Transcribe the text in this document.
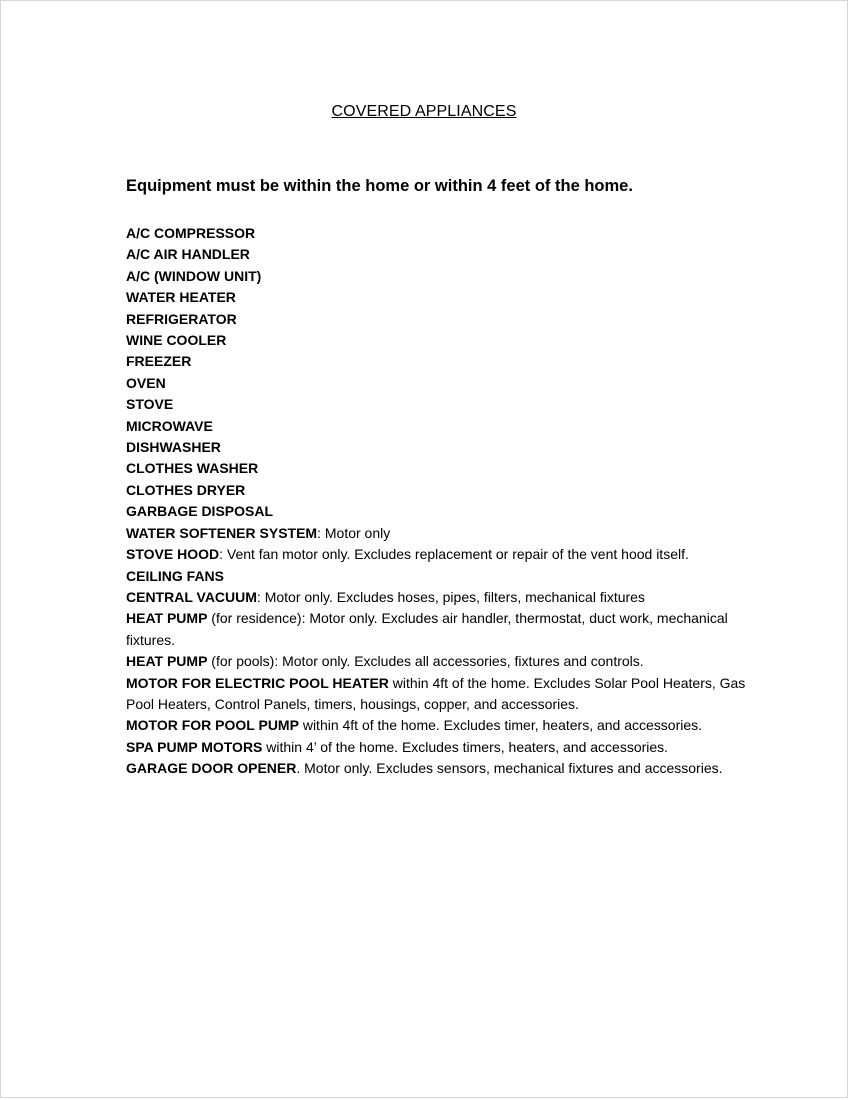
COVERED APPLIANCES
Equipment must be within the home or within 4 feet of the home.
A/C COMPRESSOR
A/C AIR HANDLER
A/C (WINDOW UNIT)
WATER HEATER
REFRIGERATOR
WINE COOLER
FREEZER
OVEN
STOVE
MICROWAVE
DISHWASHER
CLOTHES WASHER
CLOTHES DRYER
GARBAGE DISPOSAL
WATER SOFTENER SYSTEM: Motor only
STOVE HOOD: Vent fan motor only. Excludes replacement or repair of the vent hood itself.
CEILING FANS
CENTRAL VACUUM: Motor only. Excludes hoses, pipes, filters, mechanical fixtures
HEAT PUMP (for residence): Motor only. Excludes air handler, thermostat, duct work, mechanical fixtures.
HEAT PUMP (for pools): Motor only. Excludes all accessories, fixtures and controls.
MOTOR FOR ELECTRIC POOL HEATER within 4ft of the home. Excludes Solar Pool Heaters, Gas Pool Heaters, Control Panels, timers, housings, copper, and accessories.
MOTOR FOR POOL PUMP within 4ft of the home. Excludes timer, heaters, and accessories.
SPA PUMP MOTORS within 4’ of the home. Excludes timers, heaters, and accessories.
GARAGE DOOR OPENER. Motor only. Excludes sensors, mechanical fixtures and accessories.
